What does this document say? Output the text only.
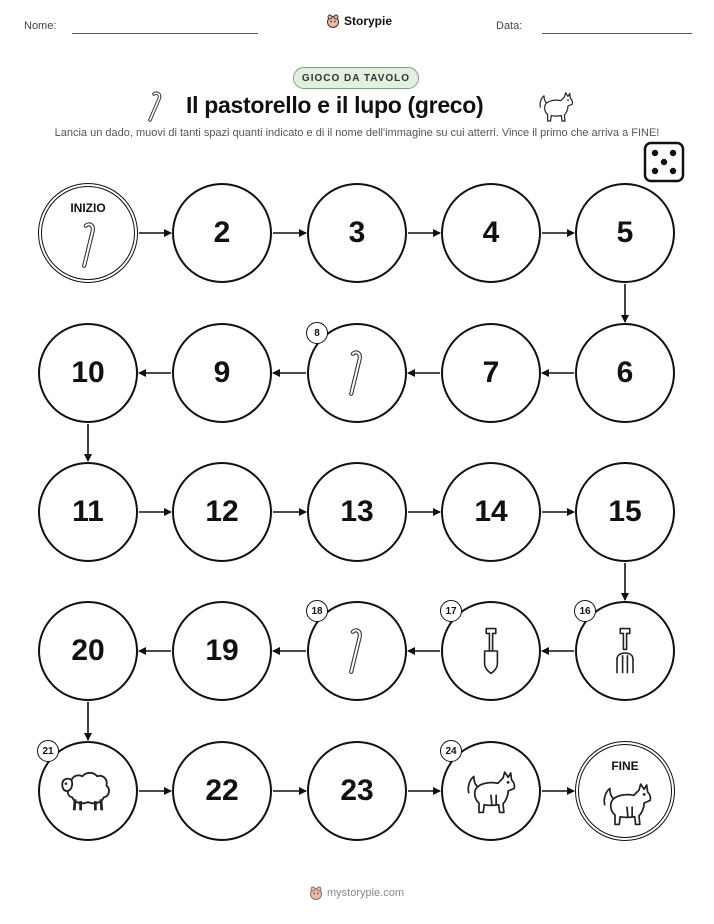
Nome:	Storypie	Data:
GIOCO DA TAVOLO
Il pastorello e il lupo (greco)
Lancia un dado, muovi di tanti spazi quanti indicato e di il nome dell'immagine su cui atterri. Vince il primo che arriva a FINE!
INIZIO
2	3	4	5
6
7
8
9
10
11	12	13	14	15
16
17
18
19
20
21
22	23
24
FINE
mystorypie.com
